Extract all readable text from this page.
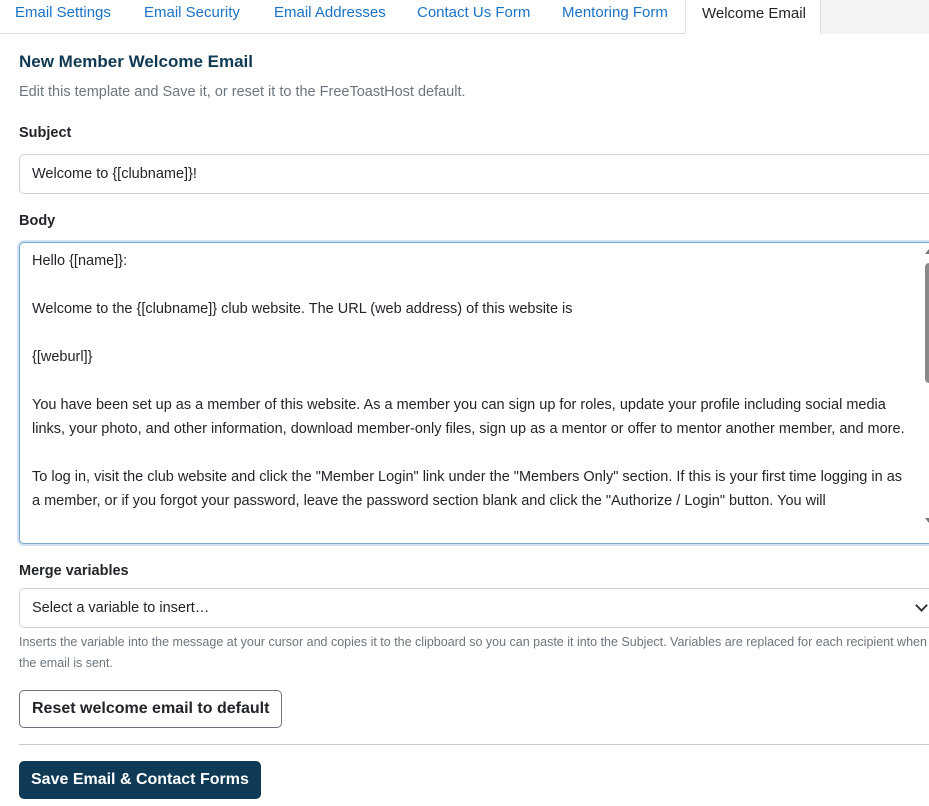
Email Settings Email Security Email Addresses Contact Us Form Mentoring Form	Welcome Email
New Member Welcome Email
Edit this template and Save it, or reset it to the FreeToastHost default.
Subject
Welcome to {[clubname]}!
Body

Hello {[name]}:

Welcome to the {[clubname]} club website. The URL (web address) of this website is

{[weburl]}

You have been set up as a member of this website. As a member you can sign up for roles, update your profile including social media links, your photo, and other information, download member-only files, sign up as a mentor or offer to mentor another member, and more.

To log in, visit the club website and click the "Member Login" link under the "Members Only" section. If this is your first time logging in as a member, or if you forgot your password, leave the password section blank and click the "Authorize / Login" button. You will

Merge variables
Select a variable to insert…
Inserts the variable into the message at your cursor and copies it to the clipboard so you can paste it into the Subject. Variables are replaced for each recipient when the email is sent.
Reset welcome email to default
Save Email & Contact Forms
